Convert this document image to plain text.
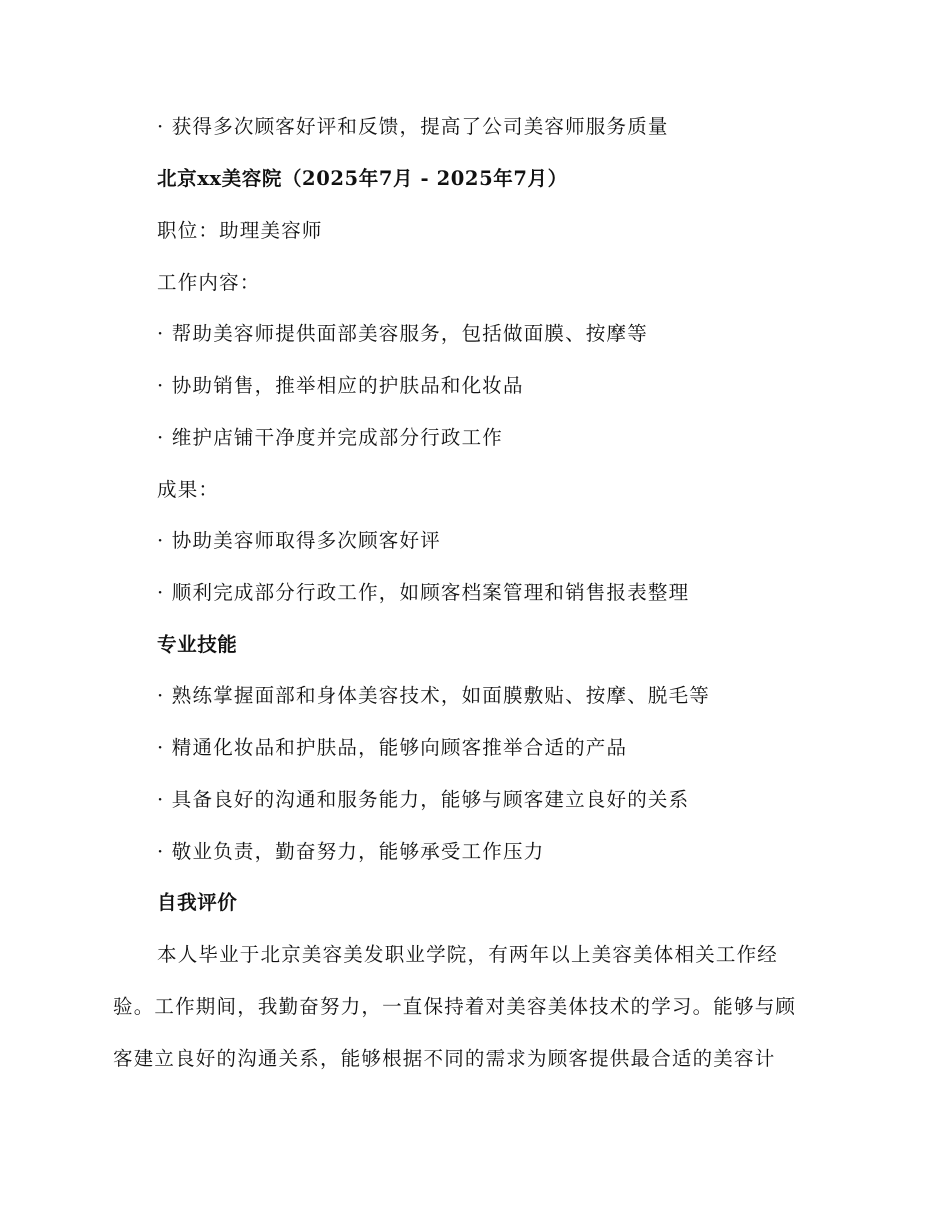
· 获得多次顾客好评和反馈，提高了公司美容师服务质量
北京xx美容院（2025年7月 - 2025年7月）
职位：助理美容师
工作内容：
· 帮助美容师提供面部美容服务，包括做面膜、按摩等
· 协助销售，推举相应的护肤品和化妆品
· 维护店铺干净度并完成部分行政工作
成果：
· 协助美容师取得多次顾客好评
· 顺利完成部分行政工作，如顾客档案管理和销售报表整理
专业技能
· 熟练掌握面部和身体美容技术，如面膜敷贴、按摩、脱毛等
· 精通化妆品和护肤品，能够向顾客推举合适的产品
· 具备良好的沟通和服务能力，能够与顾客建立良好的关系
· 敬业负责，勤奋努力，能够承受工作压力
自我评价
本人毕业于北京美容美发职业学院，有两年以上美容美体相关工作经
验。工作期间，我勤奋努力，一直保持着对美容美体技术的学习。能够与顾
客建立良好的沟通关系，能够根据不同的需求为顾客提供最合适的美容计
